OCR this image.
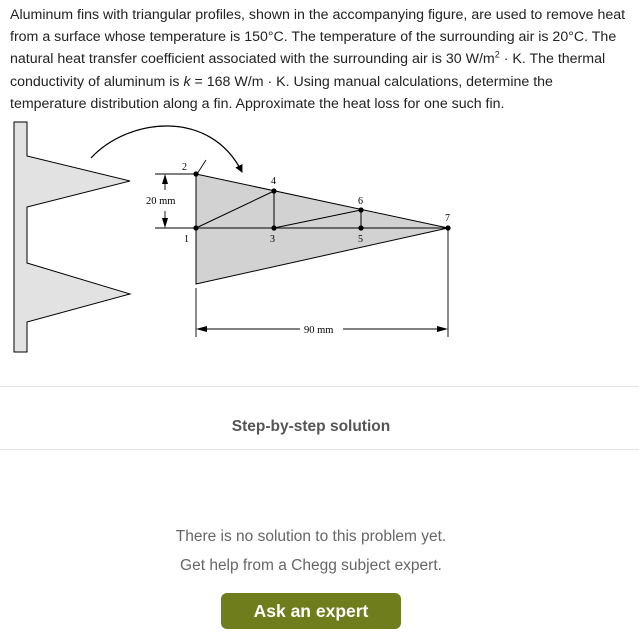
Aluminum fins with triangular profiles, shown in the accompanying figure, are used to remove heat from a surface whose temperature is 150°C. The temperature of the surrounding air is 20°C. The natural heat transfer coefficient associated with the surrounding air is 30 $W/m^2 \cdot K$. The thermal conductivity of aluminum is k = 168 W/m · K. Using manual calculations, determine the temperature distribution along a fin. Approximate the heat loss for one such fin.
1
2
3
4
5
6
7
20 mm
90 mm
Step-by-step solution
There is no solution to this problem yet.
Get help from a Chegg subject expert.
Ask an expert
